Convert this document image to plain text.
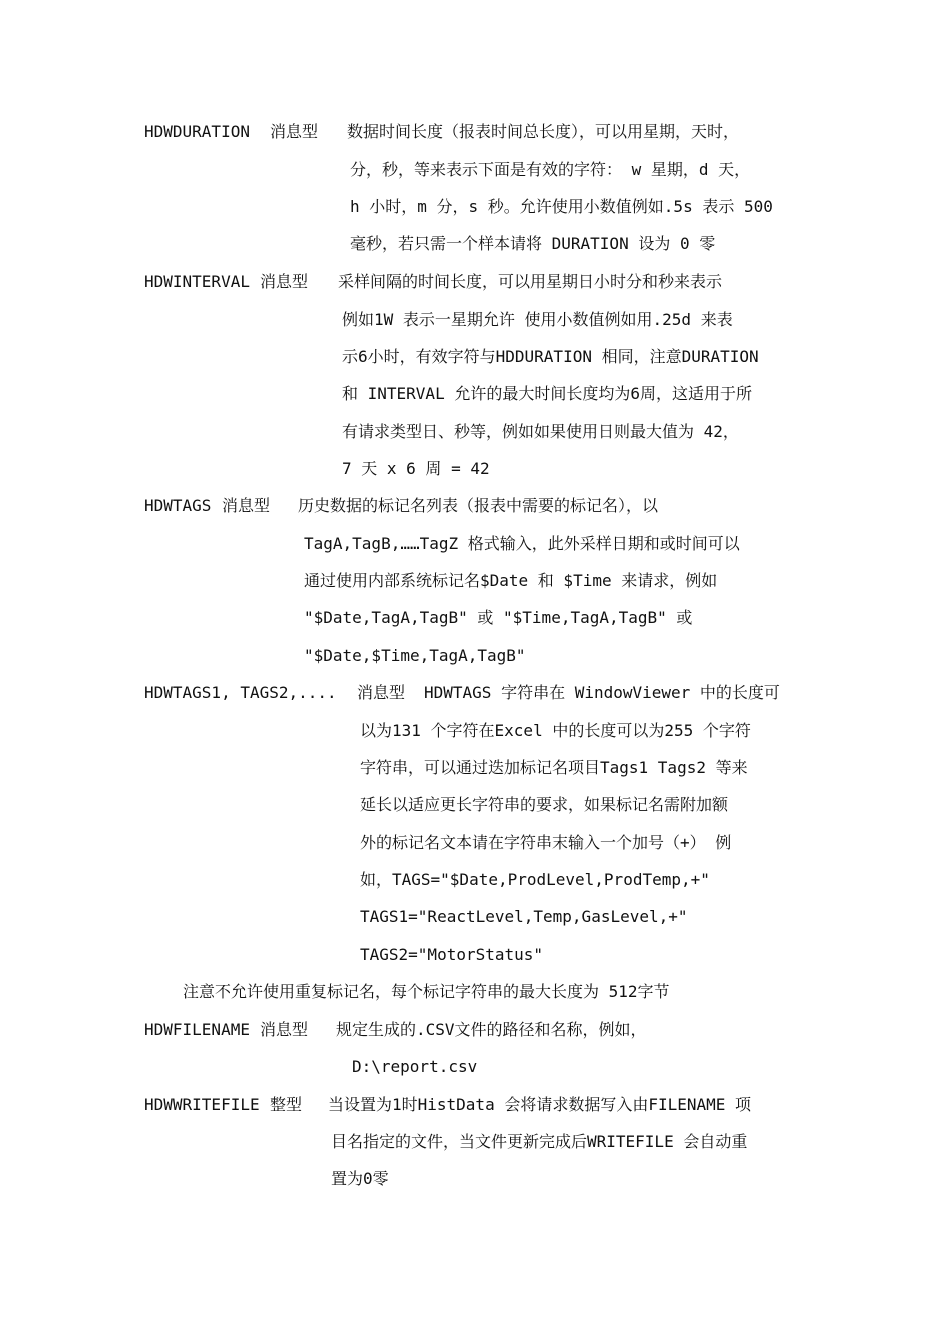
HDWDURATION 消息型 数据时间长度（报表时间总长度），可以用星期，天时，
分，秒，等来表示下面是有效的字符： w 星期，d 天，
h 小时，m 分，s 秒。允许使用小数值例如.5s 表示 500
毫秒，若只需一个样本请将 DURATION 设为 0 零
HDWINTERVAL 消息型 采样间隔的时间长度，可以用星期日小时分和秒来表示
例如1W 表示一星期允许 使用小数值例如用.25d 来表
示6小时，有效字符与HDDURATION 相同，注意DURATION
和 INTERVAL 允许的最大时间长度均为6周，这适用于所
有请求类型日、秒等，例如如果使用日则最大值为 42，
7 天 x 6 周 = 42
HDWTAGS 消息型 历史数据的标记名列表（报表中需要的标记名），以
TagA,TagB,……TagZ 格式输入，此外采样日期和或时间可以
通过使用内部系统标记名$Date 和 $Time 来请求，例如
"$Date,TagA,TagB" 或 "$Time,TagA,TagB" 或
"$Date,$Time,TagA,TagB"
HDWTAGS1, TAGS2,.... 消息型 HDWTAGS 字符串在 WindowViewer 中的长度可
以为131 个字符在Excel 中的长度可以为255 个字符
字符串，可以通过迭加标记名项目Tags1 Tags2 等来
延长以适应更长字符串的要求，如果标记名需附加额
外的标记名文本请在字符串末输入一个加号（+） 例
如，TAGS="$Date,ProdLevel,ProdTemp,+"
TAGS1="ReactLevel,Temp,GasLevel,+"
TAGS2="MotorStatus"
注意不允许使用重复标记名，每个标记字符串的最大长度为 512字节
HDWFILENAME 消息型 规定生成的.CSV文件的路径和名称，例如，
D:\report.csv
HDWWRITEFILE 整型 当设置为1时HistData 会将请求数据写入由FILENAME 项
目名指定的文件，当文件更新完成后WRITEFILE 会自动重
置为0零
